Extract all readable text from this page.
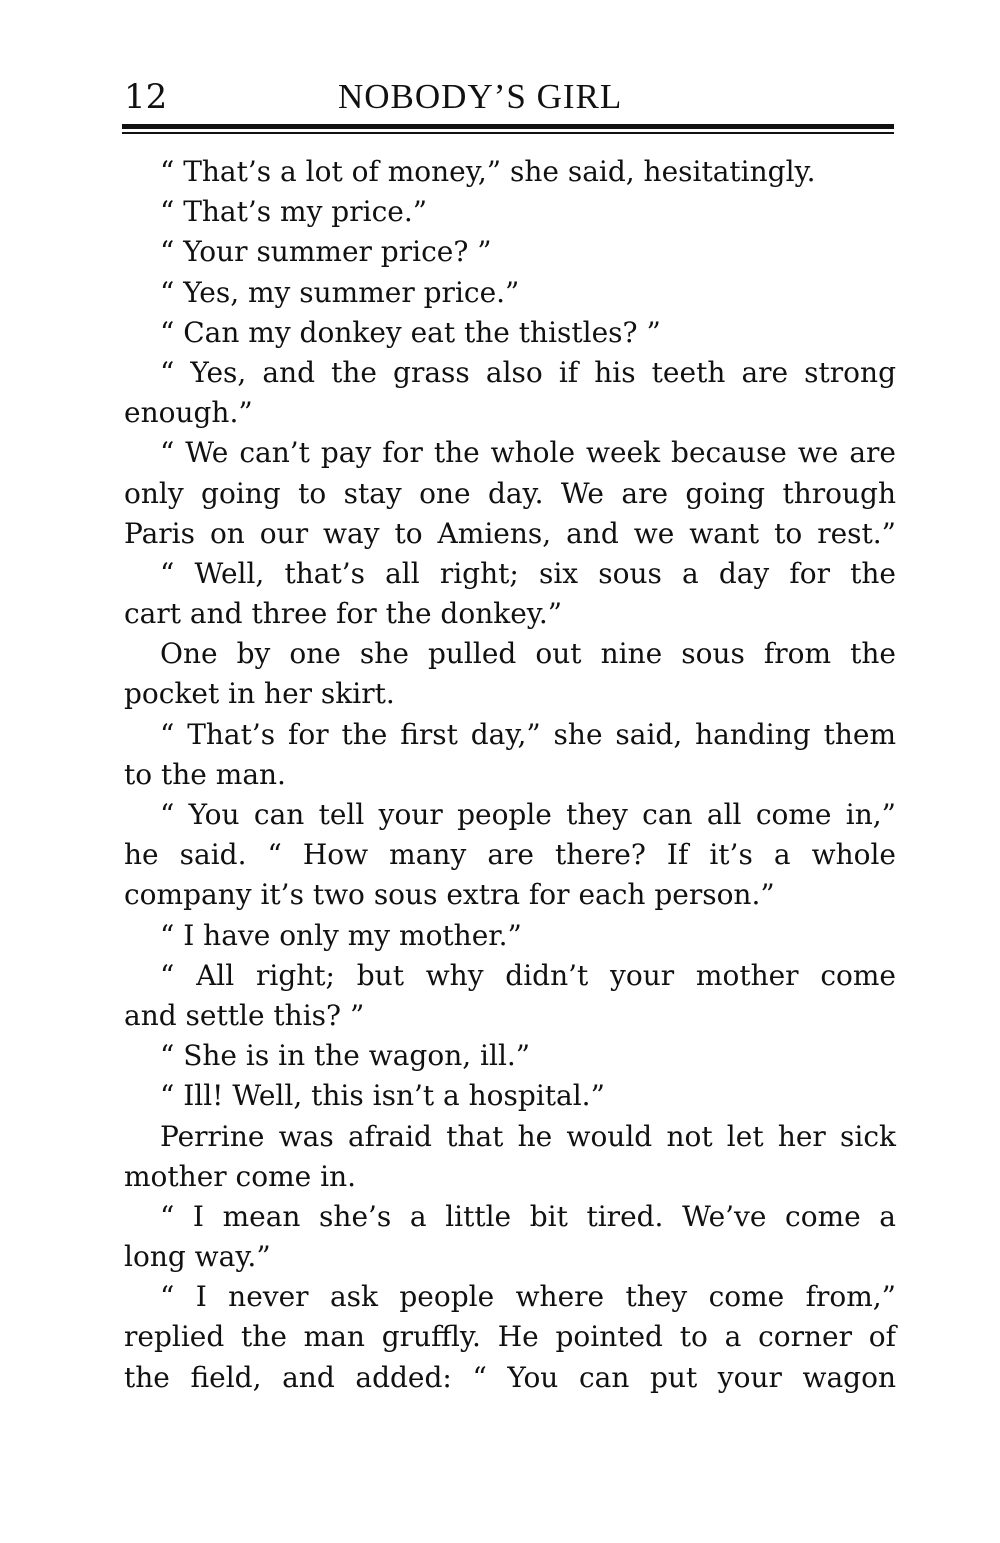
12	NOBODY’S GIRL
“ That’s a lot of money,” she said, hesitatingly.
“ That’s my price.”
“ Your summer price? ”
“ Yes, my summer price.”
“ Can my donkey eat the thistles? ”
“ Yes, and the grass also if his teeth are strong
enough.”
“ We can’t pay for the whole week because we are
only going to stay one day. We are going through
Paris on our way to Amiens, and we want to rest.”
“ Well, that’s all right; six sous a day for the
cart and three for the donkey.”
One by one she pulled out nine sous from the
pocket in her skirt.
“ That’s for the first day,” she said, handing them
to the man.
“ You can tell your people they can all come in,”
he said. “ How many are there? If it’s a whole
company it’s two sous extra for each person.”
“ I have only my mother.”
“ All right; but why didn’t your mother come
and settle this? ”
“ She is in the wagon, ill.”
“ Ill! Well, this isn’t a hospital.”
Perrine was afraid that he would not let her sick
mother come in.
“ I mean she’s a little bit tired. We’ve come a
long way.”
“ I never ask people where they come from,”
replied the man gruffly. He pointed to a corner of
the field, and added: “ You can put your wagon
